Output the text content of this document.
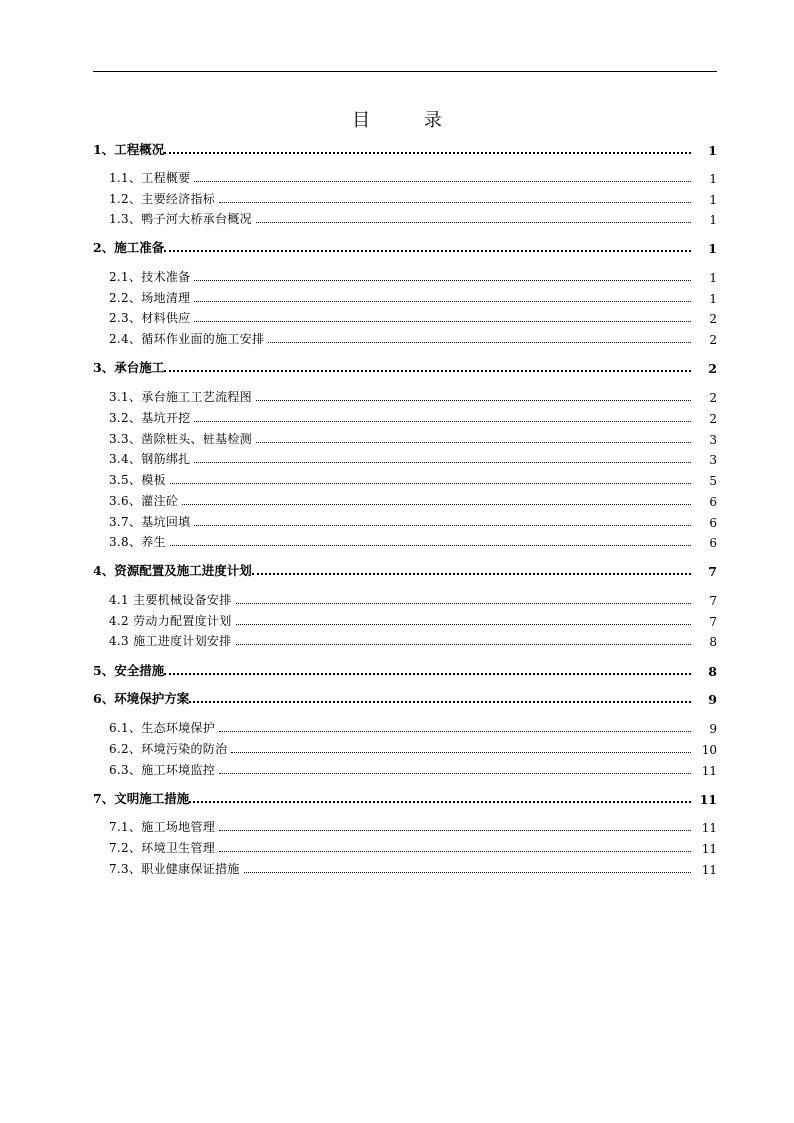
目 录
1、工程概况	1
1.1、工程概要	1
1.2、主要经济指标	1
1.3、鸭子河大桥承台概况	1
2、施工准备	1
2.1、技术准备	1
2.2、场地清理	1
2.3、材料供应	2
2.4、循环作业面的施工安排	2
3、承台施工	2
3.1、承台施工工艺流程图	2
3.2、基坑开挖	2
3.3、凿除桩头、桩基检测	3
3.4、钢筋绑扎	3
3.5、模板	5
3.6、灌注砼	6
3.7、基坑回填	6
3.8、养生	6
4、资源配置及施工进度计划	7
4.1 主要机械设备安排	7
4.2 劳动力配置度计划	7
4.3 施工进度计划安排	8
5、安全措施	8
6、环境保护方案	9
6.1、生态环境保护	9
6.2、环境污染的防治	10
6.3、施工环境监控	11
7、文明施工措施	11
7.1、施工场地管理	11
7.2、环境卫生管理	11
7.3、职业健康保证措施	11
